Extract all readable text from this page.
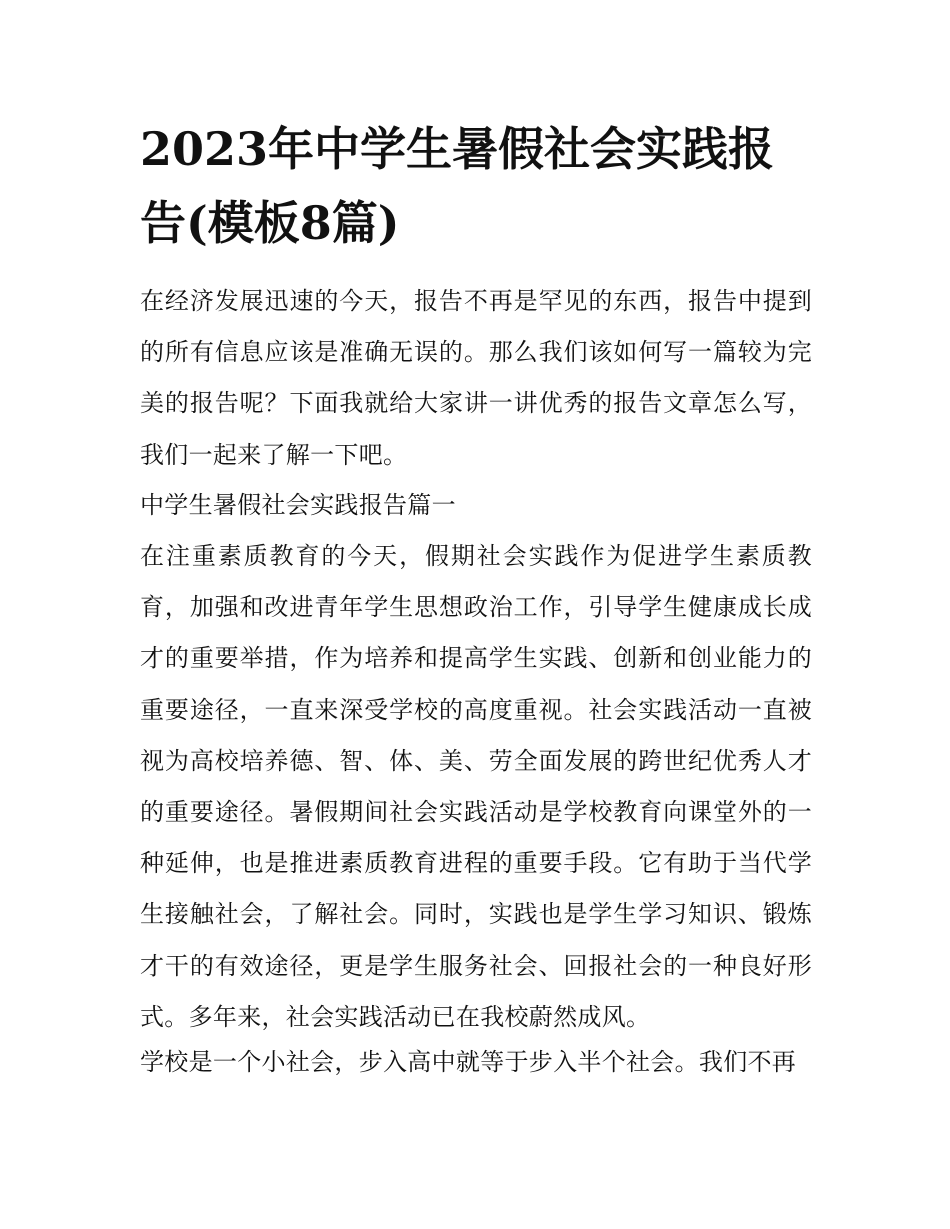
2023年中学生暑假社会实践报告(模板8篇)

在经济发展迅速的今天，报告不再是罕见的东西，报告中提到的所有信息应该是准确无误的。那么我们该如何写一篇较为完美的报告呢？下面我就给大家讲一讲优秀的报告文章怎么写，我们一起来了解一下吧。

中学生暑假社会实践报告篇一

在注重素质教育的今天，假期社会实践作为促进学生素质教育，加强和改进青年学生思想政治工作，引导学生健康成长成才的重要举措，作为培养和提高学生实践、创新和创业能力的重要途径，一直来深受学校的高度重视。社会实践活动一直被视为高校培养德、智、体、美、劳全面发展的跨世纪优秀人才的重要途径。暑假期间社会实践活动是学校教育向课堂外的一种延伸，也是推进素质教育进程的重要手段。它有助于当代学生接触社会，了解社会。同时，实践也是学生学习知识、锻炼才干的有效途径，更是学生服务社会、回报社会的一种良好形式。多年来，社会实践活动已在我校蔚然成风。

学校是一个小社会，步入高中就等于步入半个社会。我们不再
